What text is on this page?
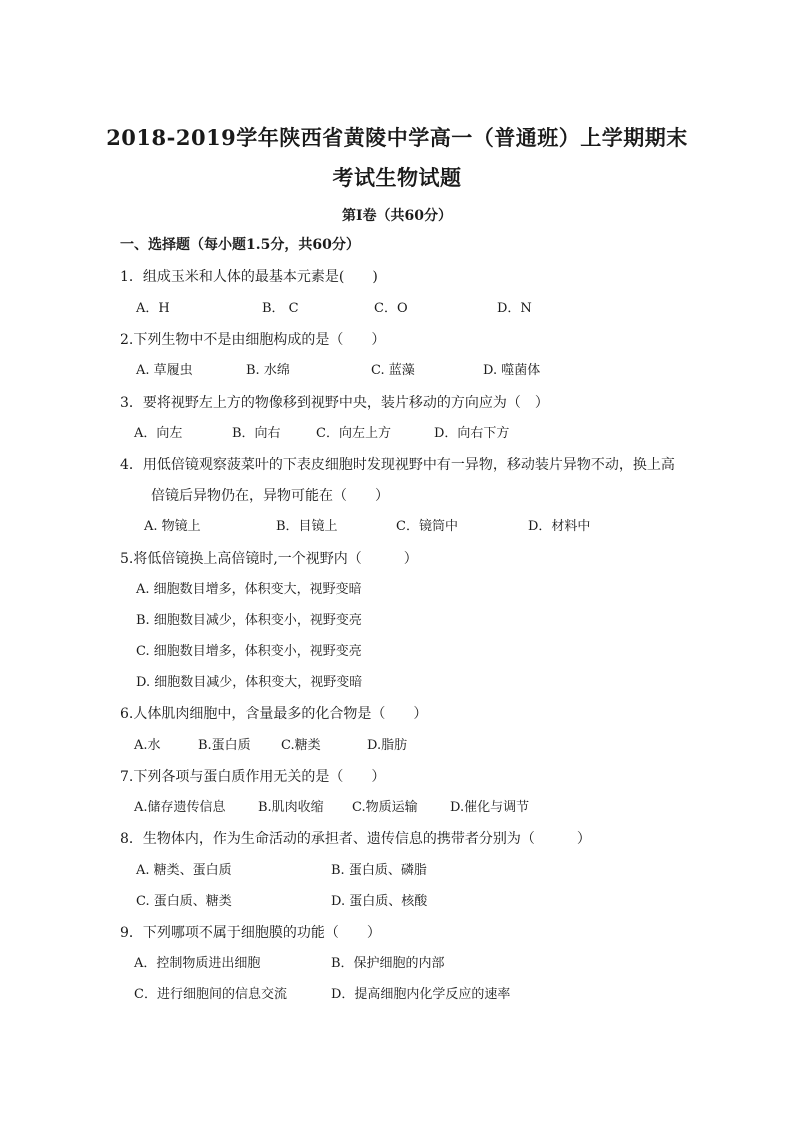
2018-2019学年陕西省黄陵中学高一（普通班）上学期期末
考试生物试题
第Ⅰ卷（共60分）
一、选择题（每小题1.5分，共60分）
1．组成玉米和人体的最基本元素是(　　)
A．H	B． C	C．O	D．N
2.下列生物中不是由细胞构成的是（　　）
A. 草履虫	B. 水绵	C. 蓝藻	D. 噬菌体
3．要将视野左上方的物像移到视野中央，装片移动的方向应为（　）
A．向左	B．向右	C．向左上方	D．向右下方
4．用低倍镜观察菠菜叶的下表皮细胞时发现视野中有一异物，移动装片异物不动，换上高
倍镜后异物仍在，异物可能在（　　）
A. 物镜上	B．目镜上	C．镜筒中	D．材料中
5.将低倍镜换上高倍镜时,一个视野内（　　　）
A. 细胞数目增多，体积变大，视野变暗
B. 细胞数目减少，体积变小，视野变亮
C. 细胞数目增多，体积变小，视野变亮
D. 细胞数目减少，体积变大，视野变暗
6.人体肌肉细胞中，含量最多的化合物是（　　）
A.水	B.蛋白质 C.糖类	D.脂肪
7.下列各项与蛋白质作用无关的是（　　）
A.储存遗传信息 B.肌肉收缩 C.物质运输 D.催化与调节
8．生物体内，作为生命活动的承担者、遗传信息的携带者分别为（　　　）
A. 糖类、蛋白质	B. 蛋白质、磷脂
C. 蛋白质、糖类	D. 蛋白质、核酸
9．下列哪项不属于细胞膜的功能（　　）
A．控制物质进出细胞	B．保护细胞的内部
C．进行细胞间的信息交流	D．提高细胞内化学反应的速率
